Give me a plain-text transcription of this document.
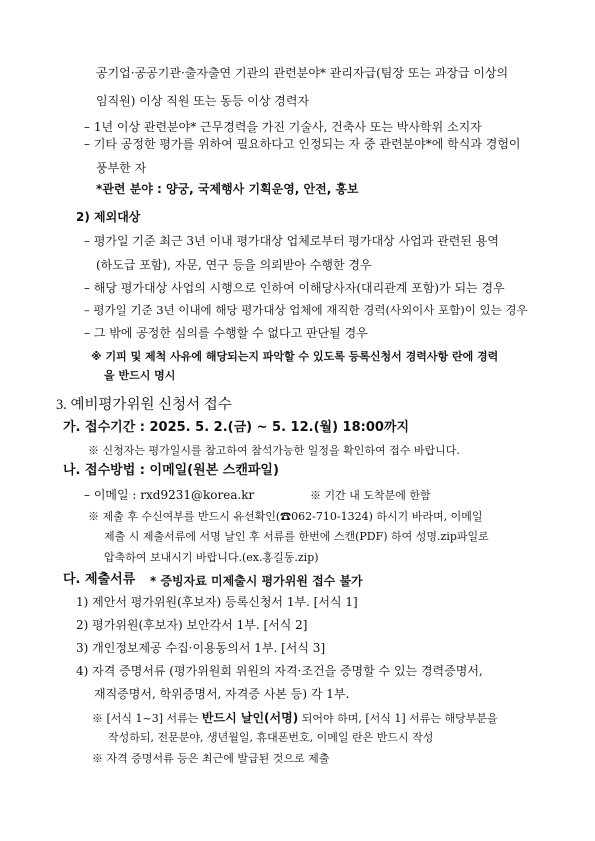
공기업·공공기관·출자출연 기관의 관련분야* 관리자급(팀장 또는 과장급 이상의
임직원) 이상 직원 또는 동등 이상 경력자
– 1년 이상 관련분야* 근무경력을 가진 기술사, 건축사 또는 박사학위 소지자
– 기타 공정한 평가를 위하여 필요하다고 인정되는 자 중 관련분야*에 학식과 경험이
풍부한 자
*관련 분야 : 양궁, 국제행사 기획운영, 안전, 홍보
2) 제외대상
– 평가일 기준 최근 3년 이내 평가대상 업체로부터 평가대상 사업과 관련된 용역
(하도급 포함), 자문, 연구 등을 의뢰받아 수행한 경우
– 해당 평가대상 사업의 시행으로 인하여 이해당사자(대리관계 포함)가 되는 경우
– 평가일 기준 3년 이내에 해당 평가대상 업체에 재직한 경력(사외이사 포함)이 있는 경우
– 그 밖에 공정한 심의를 수행할 수 없다고 판단될 경우
※ 기피 및 제척 사유에 해당되는지 파악할 수 있도록 등록신청서 경력사항 란에 경력
을 반드시 명시
3. 예비평가위원 신청서 접수
가. 접수기간 : 2025. 5. 2.(금) ~ 5. 12.(월) 18:00까지
※ 신청자는 평가일시를 참고하여 참석가능한 일정을 확인하여 접수 바랍니다.
나. 접수방법 : 이메일(원본 스캔파일)
– 이메일 : rxd9231@korea.kr	※ 기간 내 도착분에 한함
※ 제출 후 수신여부를 반드시 유선확인(☎062-710-1324) 하시기 바라며, 이메일
제출 시 제출서류에 서명 날인 후 서류를 한번에 스캔(PDF) 하여 성명.zip파일로
압축하여 보내시기 바랍니다.(ex.홍길동.zip)
다. 제출서류 * 증빙자료 미제출시 평가위원 접수 불가
1) 제안서 평가위원(후보자) 등록신청서 1부. [서식 1]
2) 평가위원(후보자) 보안각서 1부. [서식 2]
3) 개인정보제공 수집·이용동의서 1부. [서식 3]
4) 자격 증명서류 (평가위원회 위원의 자격·조건을 증명할 수 있는 경력증명서,
재직증명서, 학위증명서, 자격증 사본 등) 각 1부.
※ [서식 1~3] 서류는 반드시 날인(서명) 되어야 하며, [서식 1] 서류는 해당부분을
작성하되, 전문분야, 생년월일, 휴대폰번호, 이메일 란은 반드시 작성
※ 자격 증명서류 등은 최근에 발급된 것으로 제출
